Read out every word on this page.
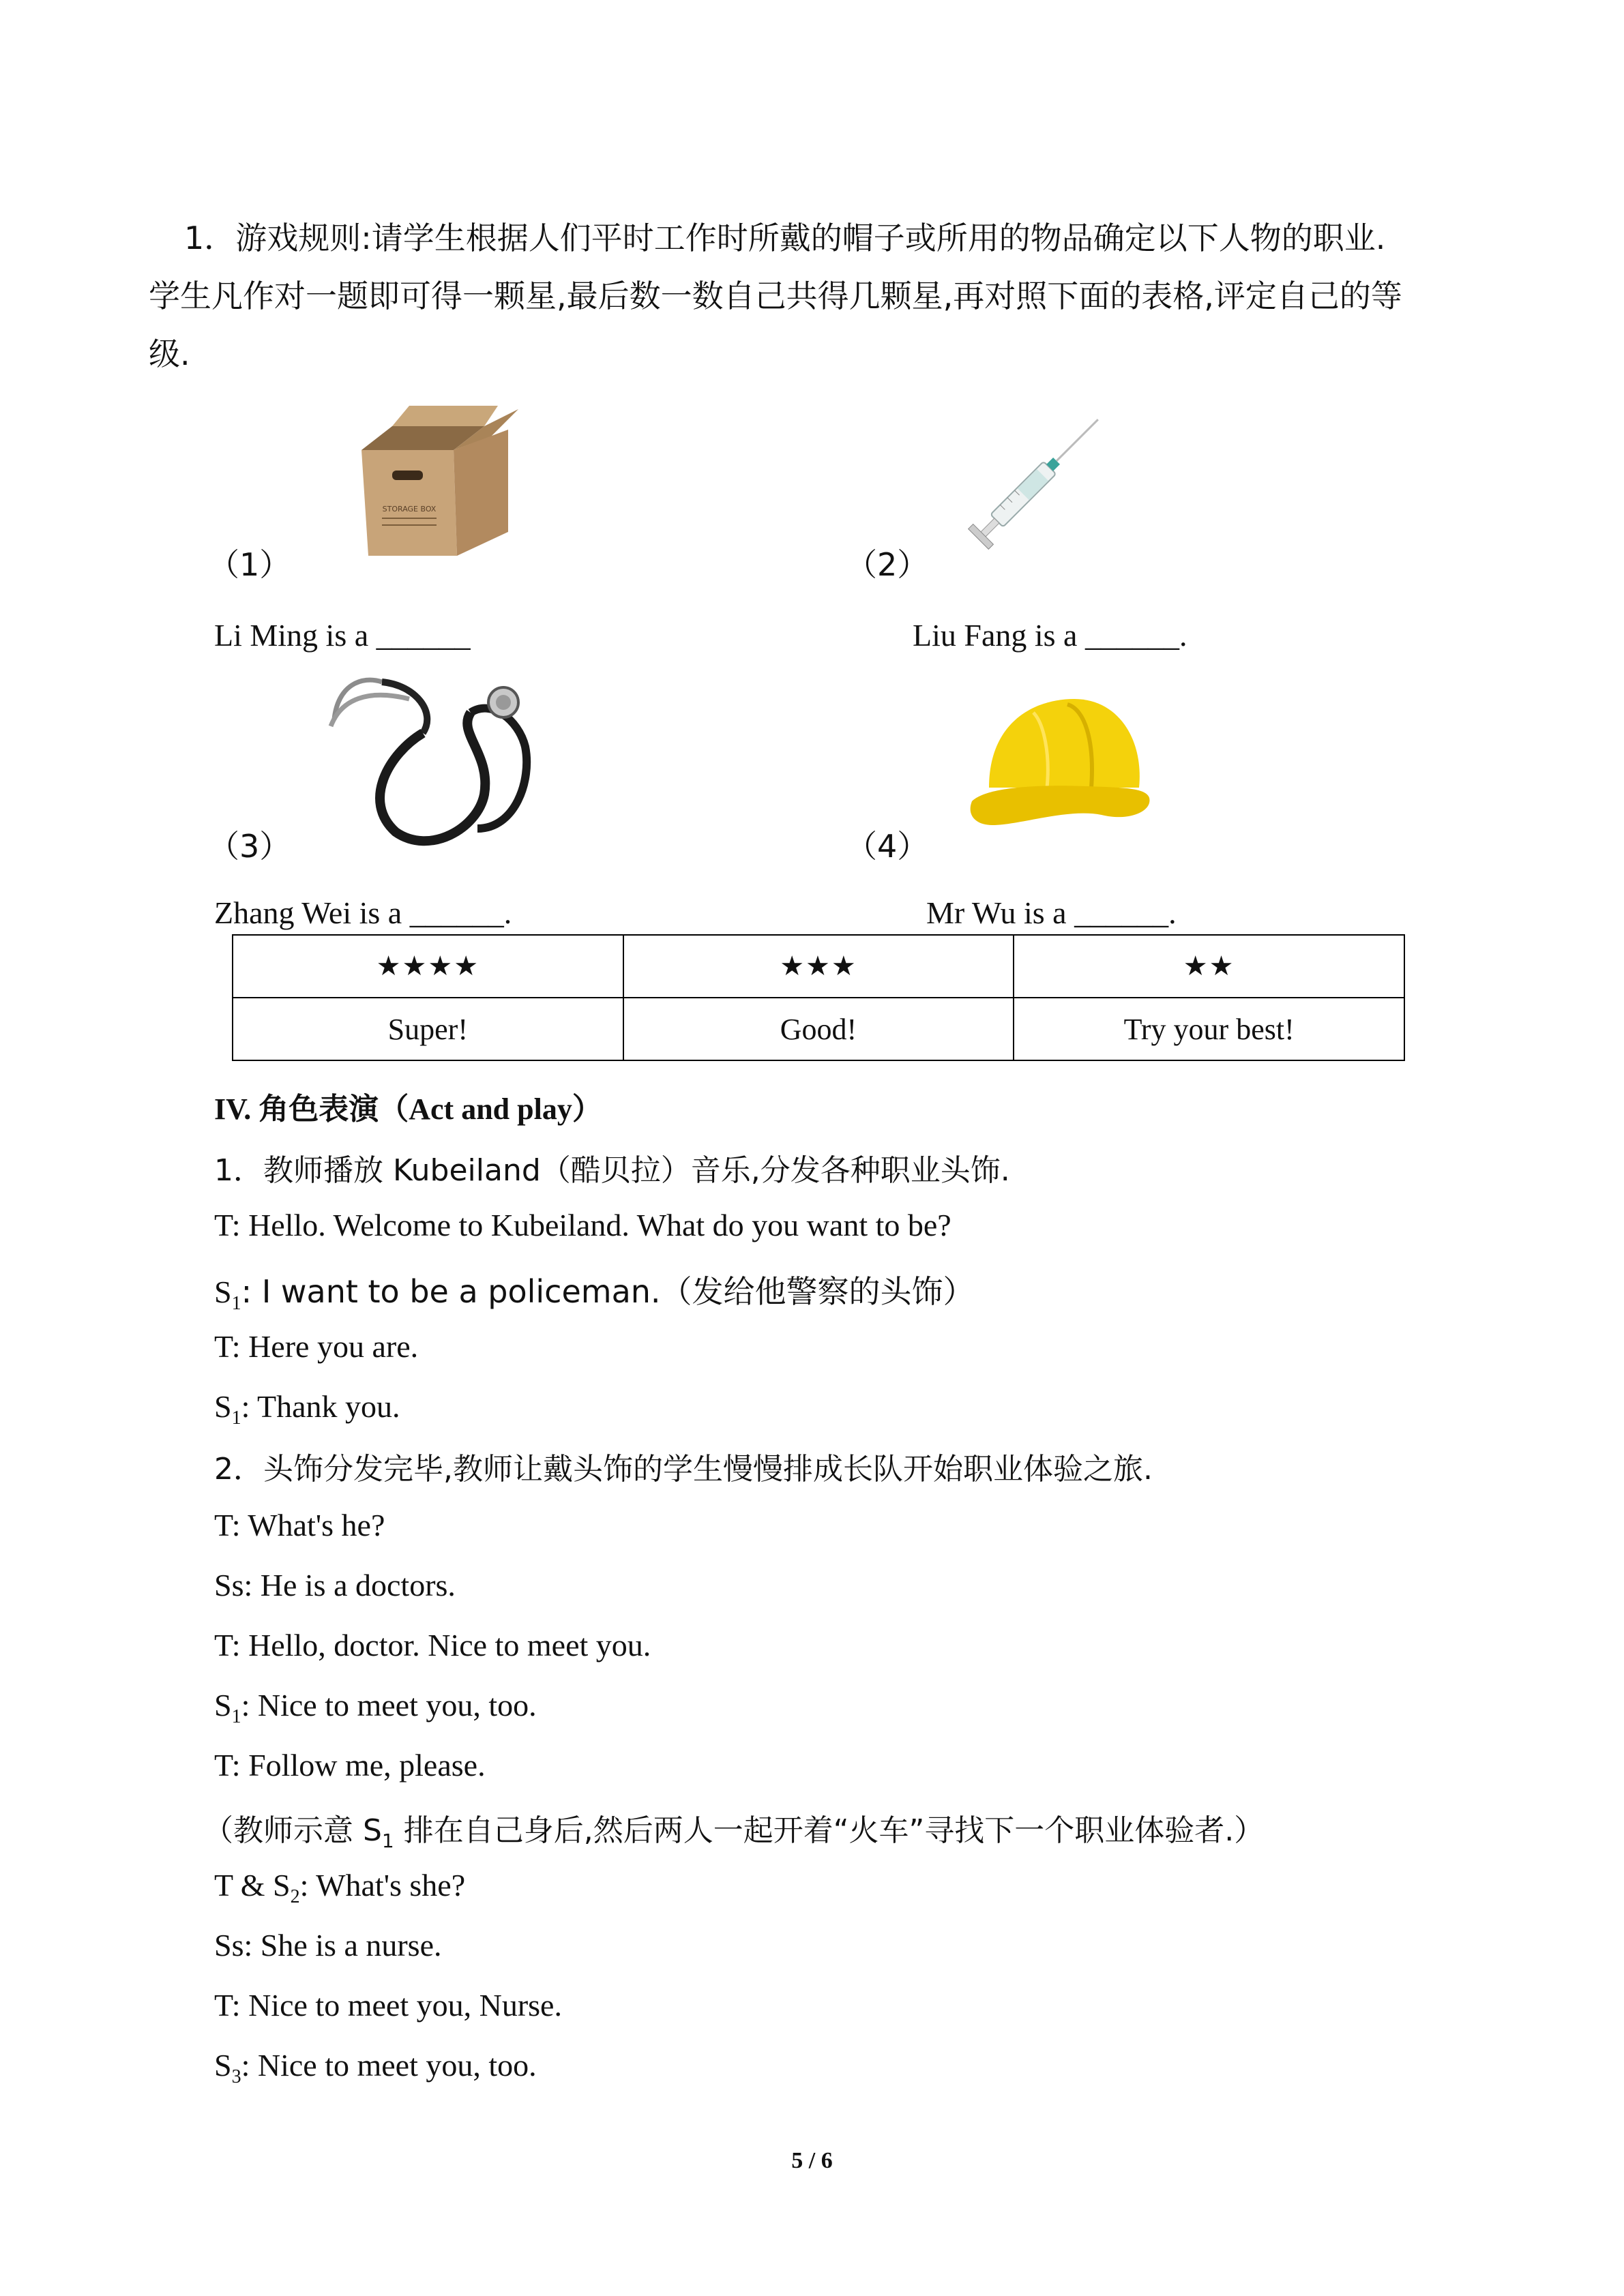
1．游戏规则:请学生根据人们平时工作时所戴的帽子或所用的物品确定以下人物的职业.
学生凡作对一题即可得一颗星,最后数一数自己共得几颗星,再对照下面的表格,评定自己的等
级.
STORAGE BOX
（1）	（2）
Li Ming is a ______	Liu Fang is a ______.
（3）	（4）
Zhang Wei is a ______.	Mr Wu is a ______.
★★★★	★★★	★★
Super!	Good!	Try your best!
IV. 角色表演（Act and play）
1．教师播放 Kubeiland（酷贝拉）音乐,分发各种职业头饰.
T: Hello. Welcome to Kubeiland. What do you want to be?
$S_1$: I want to be a policeman.（发给他警察的头饰）
T: Here you are.
$S_1$: Thank you.
2．头饰分发完毕,教师让戴头饰的学生慢慢排成长队开始职业体验之旅.
T: What's he?
Ss: He is a doctors.
T: Hello, doctor. Nice to meet you.
$S_1$: Nice to meet you, too.
T: Follow me, please.
（教师示意 $S_1$ 排在自己身后,然后两人一起开着“火车”寻找下一个职业体验者.）
T & $S_2$: What's she?
Ss: She is a nurse.
T: Nice to meet you, Nurse.
$S_3$: Nice to meet you, too.
5 / 6
